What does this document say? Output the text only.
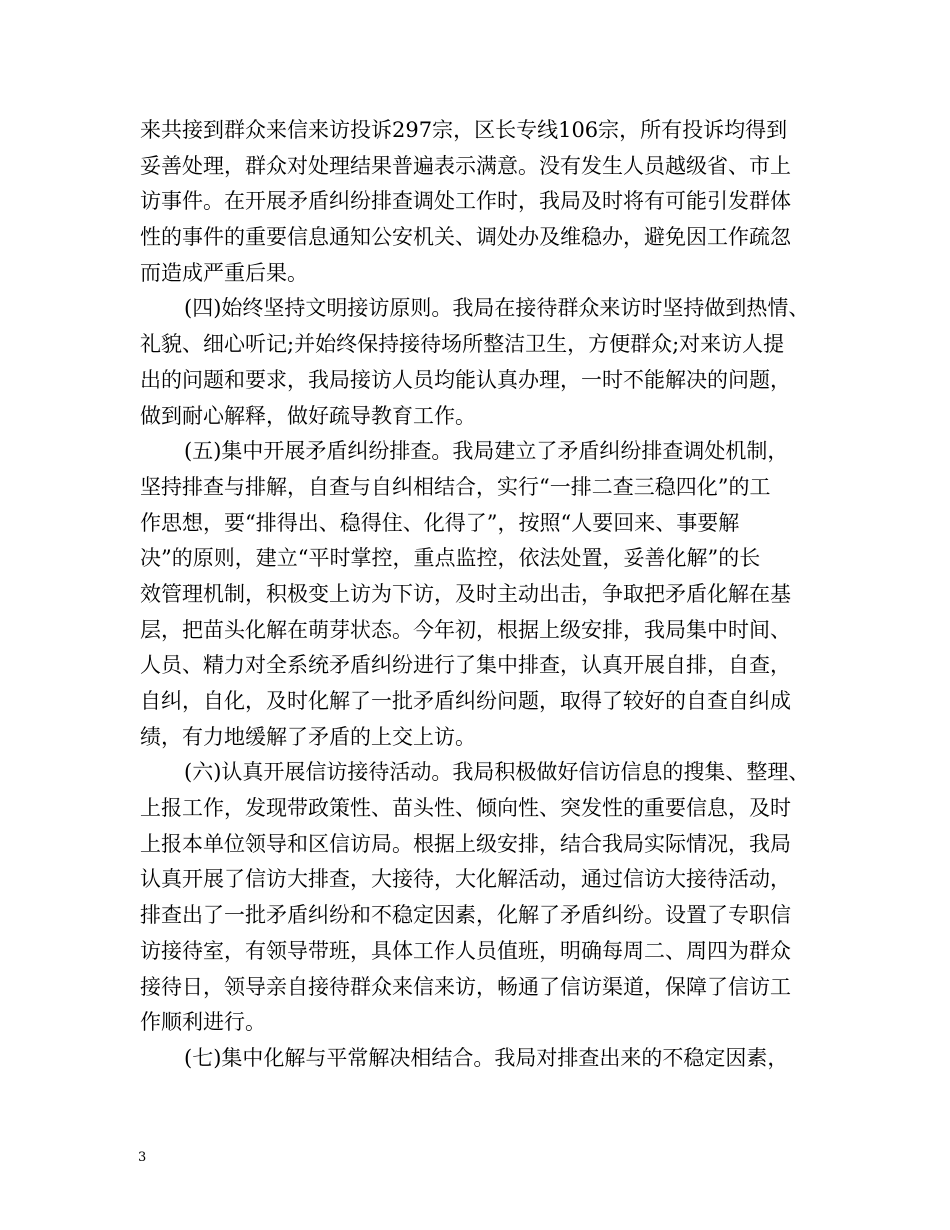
来共接到群众来信来访投诉297宗，区长专线106宗，所有投诉均得到
妥善处理，群众对处理结果普遍表示满意。没有发生人员越级省、市上
访事件。在开展矛盾纠纷排查调处工作时，我局及时将有可能引发群体
性的事件的重要信息通知公安机关、调处办及维稳办，避免因工作疏忽
而造成严重后果。
(四)始终坚持文明接访原则。我局在接待群众来访时坚持做到热情、
礼貌、细心听记;并始终保持接待场所整洁卫生，方便群众;对来访人提
出的问题和要求，我局接访人员均能认真办理，一时不能解决的问题，
做到耐心解释，做好疏导教育工作。
(五)集中开展矛盾纠纷排查。我局建立了矛盾纠纷排查调处机制，
坚持排查与排解，自查与自纠相结合，实行“一排二查三稳四化”的工
作思想，要“排得出、稳得住、化得了”，按照“人要回来、事要解
决”的原则，建立“平时掌控，重点监控，依法处置，妥善化解”的长
效管理机制，积极变上访为下访，及时主动出击，争取把矛盾化解在基
层，把苗头化解在萌芽状态。今年初，根据上级安排，我局集中时间、
人员、精力对全系统矛盾纠纷进行了集中排查，认真开展自排，自查，
自纠，自化，及时化解了一批矛盾纠纷问题，取得了较好的自查自纠成
绩，有力地缓解了矛盾的上交上访。
(六)认真开展信访接待活动。我局积极做好信访信息的搜集、整理、
上报工作，发现带政策性、苗头性、倾向性、突发性的重要信息，及时
上报本单位领导和区信访局。根据上级安排，结合我局实际情况，我局
认真开展了信访大排查，大接待，大化解活动，通过信访大接待活动，
排查出了一批矛盾纠纷和不稳定因素，化解了矛盾纠纷。设置了专职信
访接待室，有领导带班，具体工作人员值班，明确每周二、周四为群众
接待日，领导亲自接待群众来信来访，畅通了信访渠道，保障了信访工
作顺利进行。
(七)集中化解与平常解决相结合。我局对排查出来的不稳定因素，
3
